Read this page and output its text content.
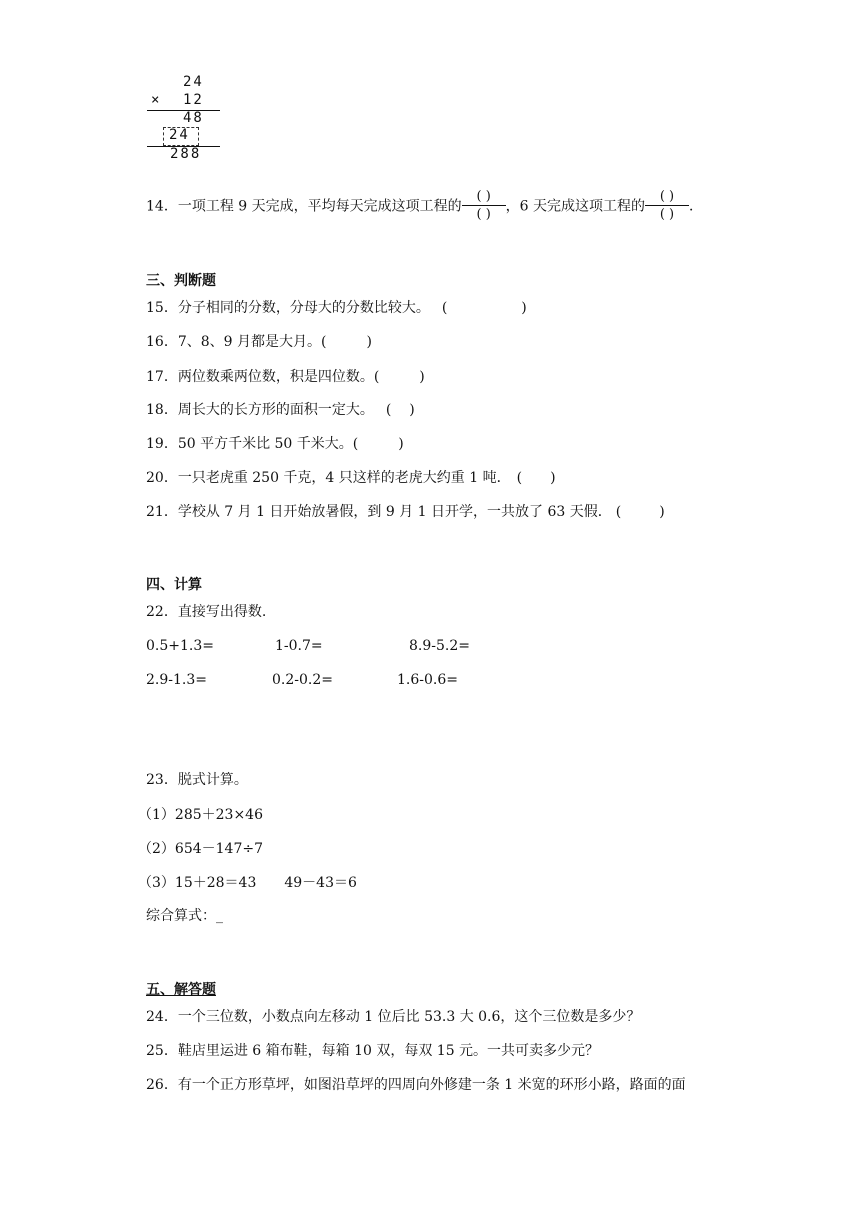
24
× 12
48
24
288
14．一项工程 9 天完成，平均每天完成这项工程的 $\frac{( )}{( )}$ ，6 天完成这项工程的 $\frac{( )}{( )}$ ．
三、判断题
15．分子相同的分数，分母大的分数比较大。 (	)
16．7、8、9 月都是大月。(	)
17．两位数乘两位数，积是四位数。(	)
18．周长大的长方形的面积一定大。 ( )
19．50 平方千米比 50 千米大。(	)
20．一只老虎重 250 千克，4 只这样的老虎大约重 1 吨． ( )
21．学校从 7 月 1 日开始放暑假，到 9 月 1 日开学，一共放了 63 天假． (	)
四、计算
22．直接写出得数.
0.5+1.3=	1-0.7=	8.9-5.2=
2.9-1.3=	0.2-0.2=	1.6-0.6=
23．脱式计算。
（1）285＋23×46
（2）654－147÷7
（3）15＋28＝43 49－43＝6
综合算式：_
五、解答题
24．一个三位数，小数点向左移动 1 位后比 53.3 大 0.6，这个三位数是多少？
25．鞋店里运进 6 箱布鞋，每箱 10 双，每双 15 元。一共可卖多少元？
26．有一个正方形草坪，如图沿草坪的四周向外修建一条 1 米宽的环形小路，路面的面
